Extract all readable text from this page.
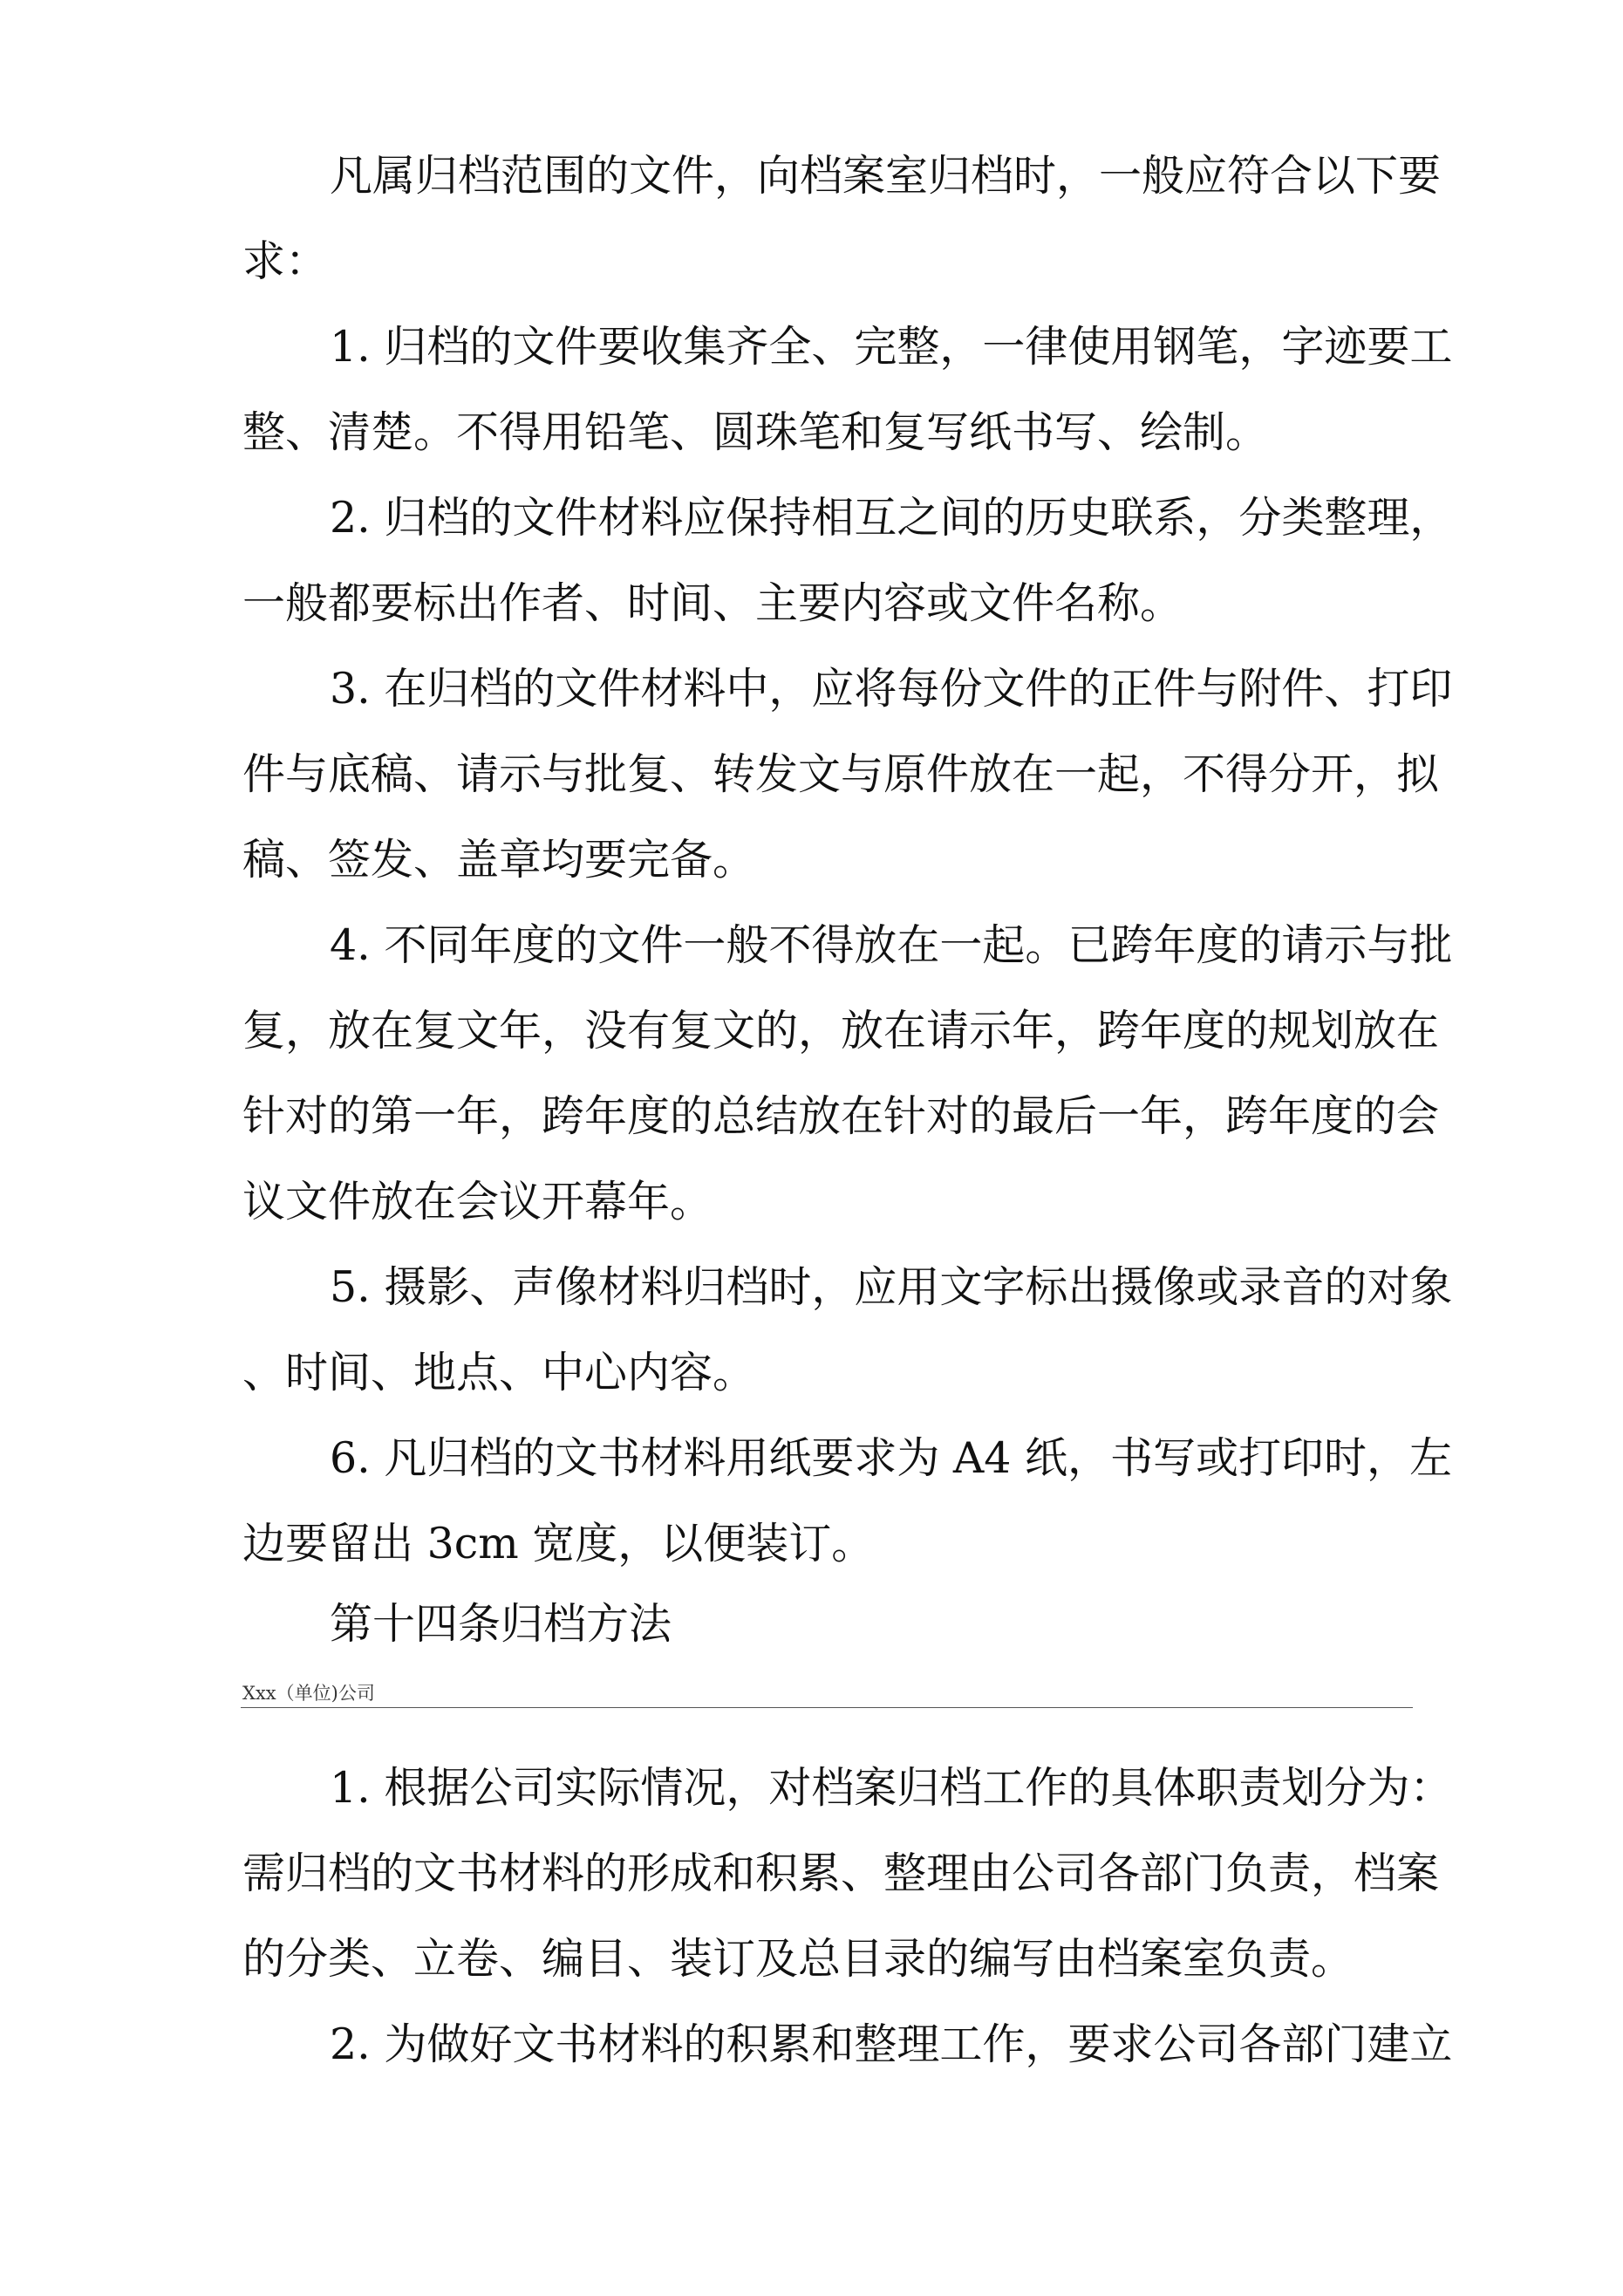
凡属归档范围的文件，向档案室归档时，一般应符合以下要
求：
1. 归档的文件要收集齐全、完整，一律使用钢笔，字迹要工
整、清楚。不得用铅笔、圆珠笔和复写纸书写、绘制。
2. 归档的文件材料应保持相互之间的历史联系，分类整理，
一般都要标出作者、时间、主要内容或文件名称。
3. 在归档的文件材料中，应将每份文件的正件与附件、打印
件与底稿、请示与批复、转发文与原件放在一起，不得分开，拟
稿、签发、盖章均要完备。
4. 不同年度的文件一般不得放在一起。已跨年度的请示与批
复，放在复文年，没有复文的，放在请示年，跨年度的规划放在
针对的第一年，跨年度的总结放在针对的最后一年，跨年度的会
议文件放在会议开幕年。
5. 摄影、声像材料归档时，应用文字标出摄像或录音的对象
、时间、地点、中心内容。
6. 凡归档的文书材料用纸要求为 A4 纸，书写或打印时，左
边要留出 3cm 宽度，以便装订。
第十四条归档方法
Xxx（单位)公司
1. 根据公司实际情况，对档案归档工作的具体职责划分为：
需归档的文书材料的形成和积累、整理由公司各部门负责，档案
的分类、立卷、编目、装订及总目录的编写由档案室负责。
2. 为做好文书材料的积累和整理工作，要求公司各部门建立
